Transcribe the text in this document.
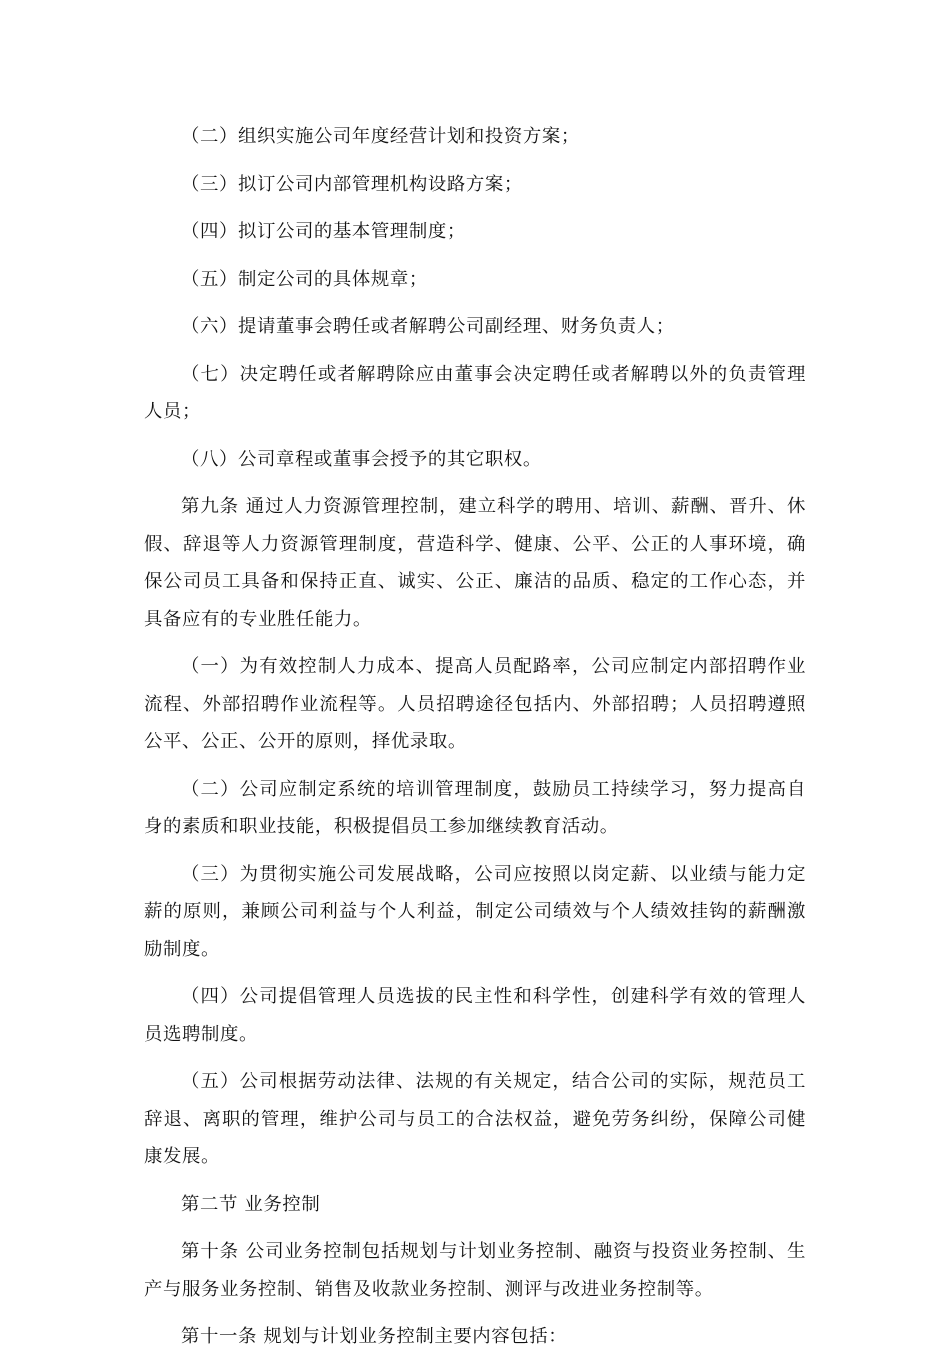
（二）组织实施公司年度经营计划和投资方案；

（三）拟订公司内部管理机构设路方案；

（四）拟订公司的基本管理制度；

（五）制定公司的具体规章；

（六）提请董事会聘任或者解聘公司副经理、财务负责人；

（七）决定聘任或者解聘除应由董事会决定聘任或者解聘以外的负责管理人员；

（八）公司章程或董事会授予的其它职权。

第九条 通过人力资源管理控制，建立科学的聘用、培训、薪酬、晋升、休假、辞退等人力资源管理制度，营造科学、健康、公平、公正的人事环境，确保公司员工具备和保持正直、诚实、公正、廉洁的品质、稳定的工作心态，并具备应有的专业胜任能力。

（一）为有效控制人力成本、提高人员配路率，公司应制定内部招聘作业流程、外部招聘作业流程等。人员招聘途径包括内、外部招聘；人员招聘遵照公平、公正、公开的原则，择优录取。

（二）公司应制定系统的培训管理制度，鼓励员工持续学习，努力提高自身的素质和职业技能，积极提倡员工参加继续教育活动。

（三）为贯彻实施公司发展战略，公司应按照以岗定薪、以业绩与能力定薪的原则，兼顾公司利益与个人利益，制定公司绩效与个人绩效挂钩的薪酬激励制度。

（四）公司提倡管理人员选拔的民主性和科学性，创建科学有效的管理人员选聘制度。

（五）公司根据劳动法律、法规的有关规定，结合公司的实际，规范员工辞退、离职的管理，维护公司与员工的合法权益，避免劳务纠纷，保障公司健康发展。

第二节 业务控制

第十条 公司业务控制包括规划与计划业务控制、融资与投资业务控制、生产与服务业务控制、销售及收款业务控制、测评与改进业务控制等。

第十一条 规划与计划业务控制主要内容包括：
